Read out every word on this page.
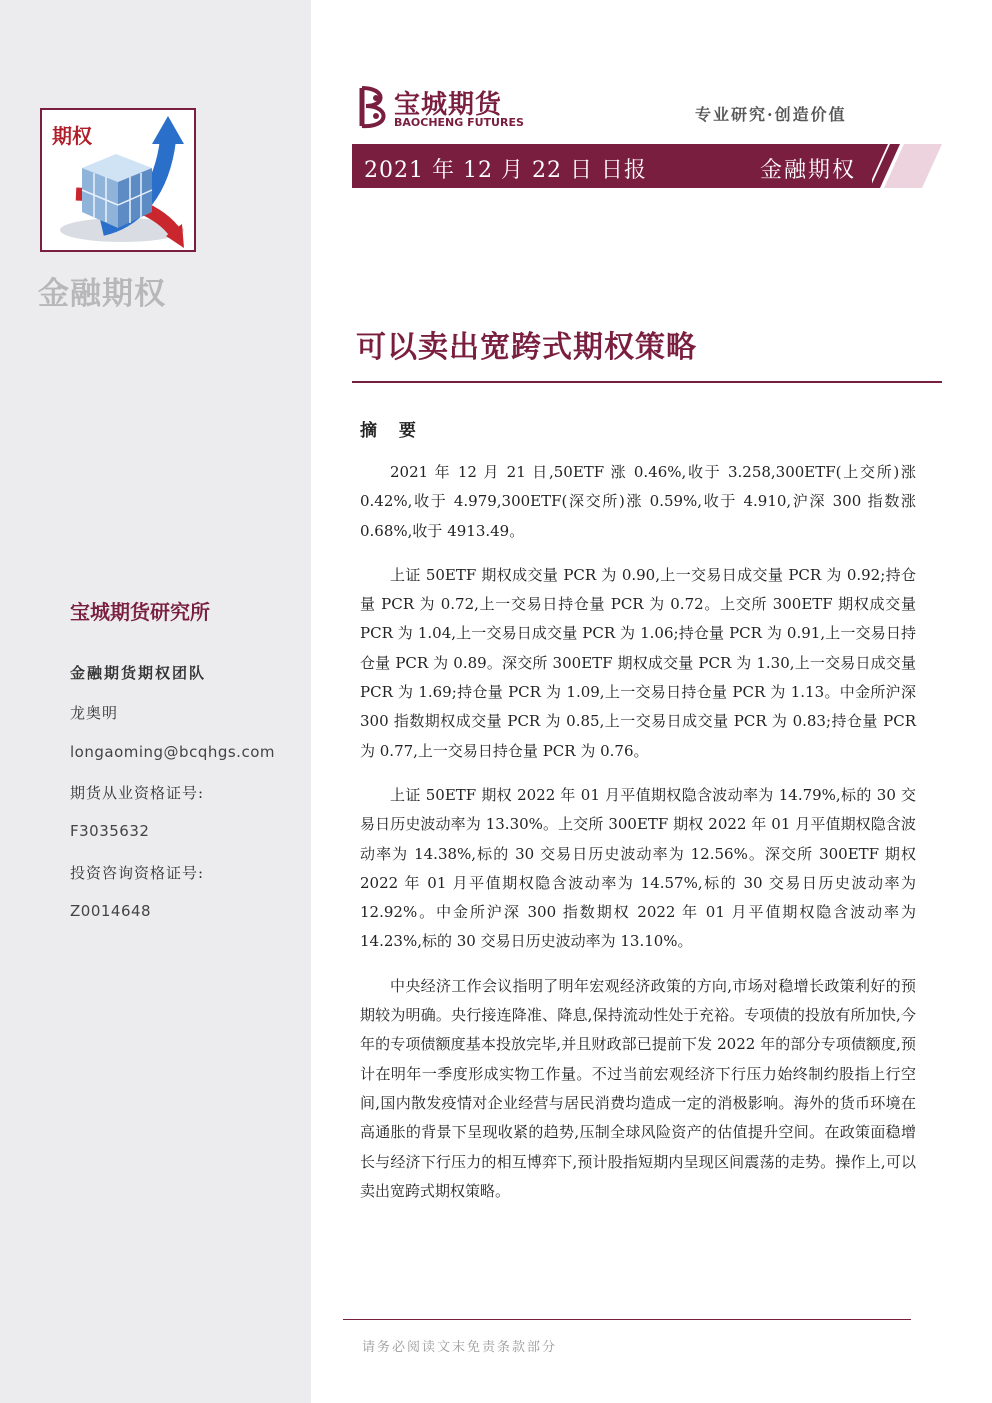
期权
金融期权
宝城期货研究所
金融期货期权团队
龙奥明
longaoming@bcqhgs.com
期货从业资格证号:
F3035632
投资咨询资格证号:
Z0014648
宝城期货
BAOCHENG FUTURES	专业研究·创造价值
2021 年 12 月 22 日 日报	金融期权
可以卖出宽跨式期权策略
摘 要

2021 年 12 月 21 日,50ETF 涨 0.46%,收于 3.258,300ETF(上交所)涨 0.42%,收于 4.979,300ETF(深交所)涨 0.59%,收于 4.910,沪深 300 指数涨 0.68%,收于 4913.49。

上证 50ETF 期权成交量 PCR 为 0.90,上一交易日成交量 PCR 为 0.92;持仓量 PCR 为 0.72,上一交易日持仓量 PCR 为 0.72。上交所 300ETF 期权成交量 PCR 为 1.04,上一交易日成交量 PCR 为 1.06;持仓量 PCR 为 0.91,上一交易日持仓量 PCR 为 0.89。深交所 300ETF 期权成交量 PCR 为 1.30,上一交易日成交量 PCR 为 1.69;持仓量 PCR 为 1.09,上一交易日持仓量 PCR 为 1.13。中金所沪深 300 指数期权成交量 PCR 为 0.85,上一交易日成交量 PCR 为 0.83;持仓量 PCR 为 0.77,上一交易日持仓量 PCR 为 0.76。

上证 50ETF 期权 2022 年 01 月平值期权隐含波动率为 14.79%,标的 30 交易日历史波动率为 13.30%。上交所 300ETF 期权 2022 年 01 月平值期权隐含波动率为 14.38%,标的 30 交易日历史波动率为 12.56%。深交所 300ETF 期权 2022 年 01 月平值期权隐含波动率为 14.57%,标的 30 交易日历史波动率为 12.92%。中金所沪深 300 指数期权 2022 年 01 月平值期权隐含波动率为 14.23%,标的 30 交易日历史波动率为 13.10%。

中央经济工作会议指明了明年宏观经济政策的方向,市场对稳增长政策利好的预期较为明确。央行接连降准、降息,保持流动性处于充裕。专项债的投放有所加快,今年的专项债额度基本投放完毕,并且财政部已提前下发 2022 年的部分专项债额度,预计在明年一季度形成实物工作量。不过当前宏观经济下行压力始终制约股指上行空间,国内散发疫情对企业经营与居民消费均造成一定的消极影响。海外的货币环境在高通胀的背景下呈现收紧的趋势,压制全球风险资产的估值提升空间。在政策面稳增长与经济下行压力的相互博弈下,预计股指短期内呈现区间震荡的走势。操作上,可以卖出宽跨式期权策略。

请务必阅读文末免责条款部分
